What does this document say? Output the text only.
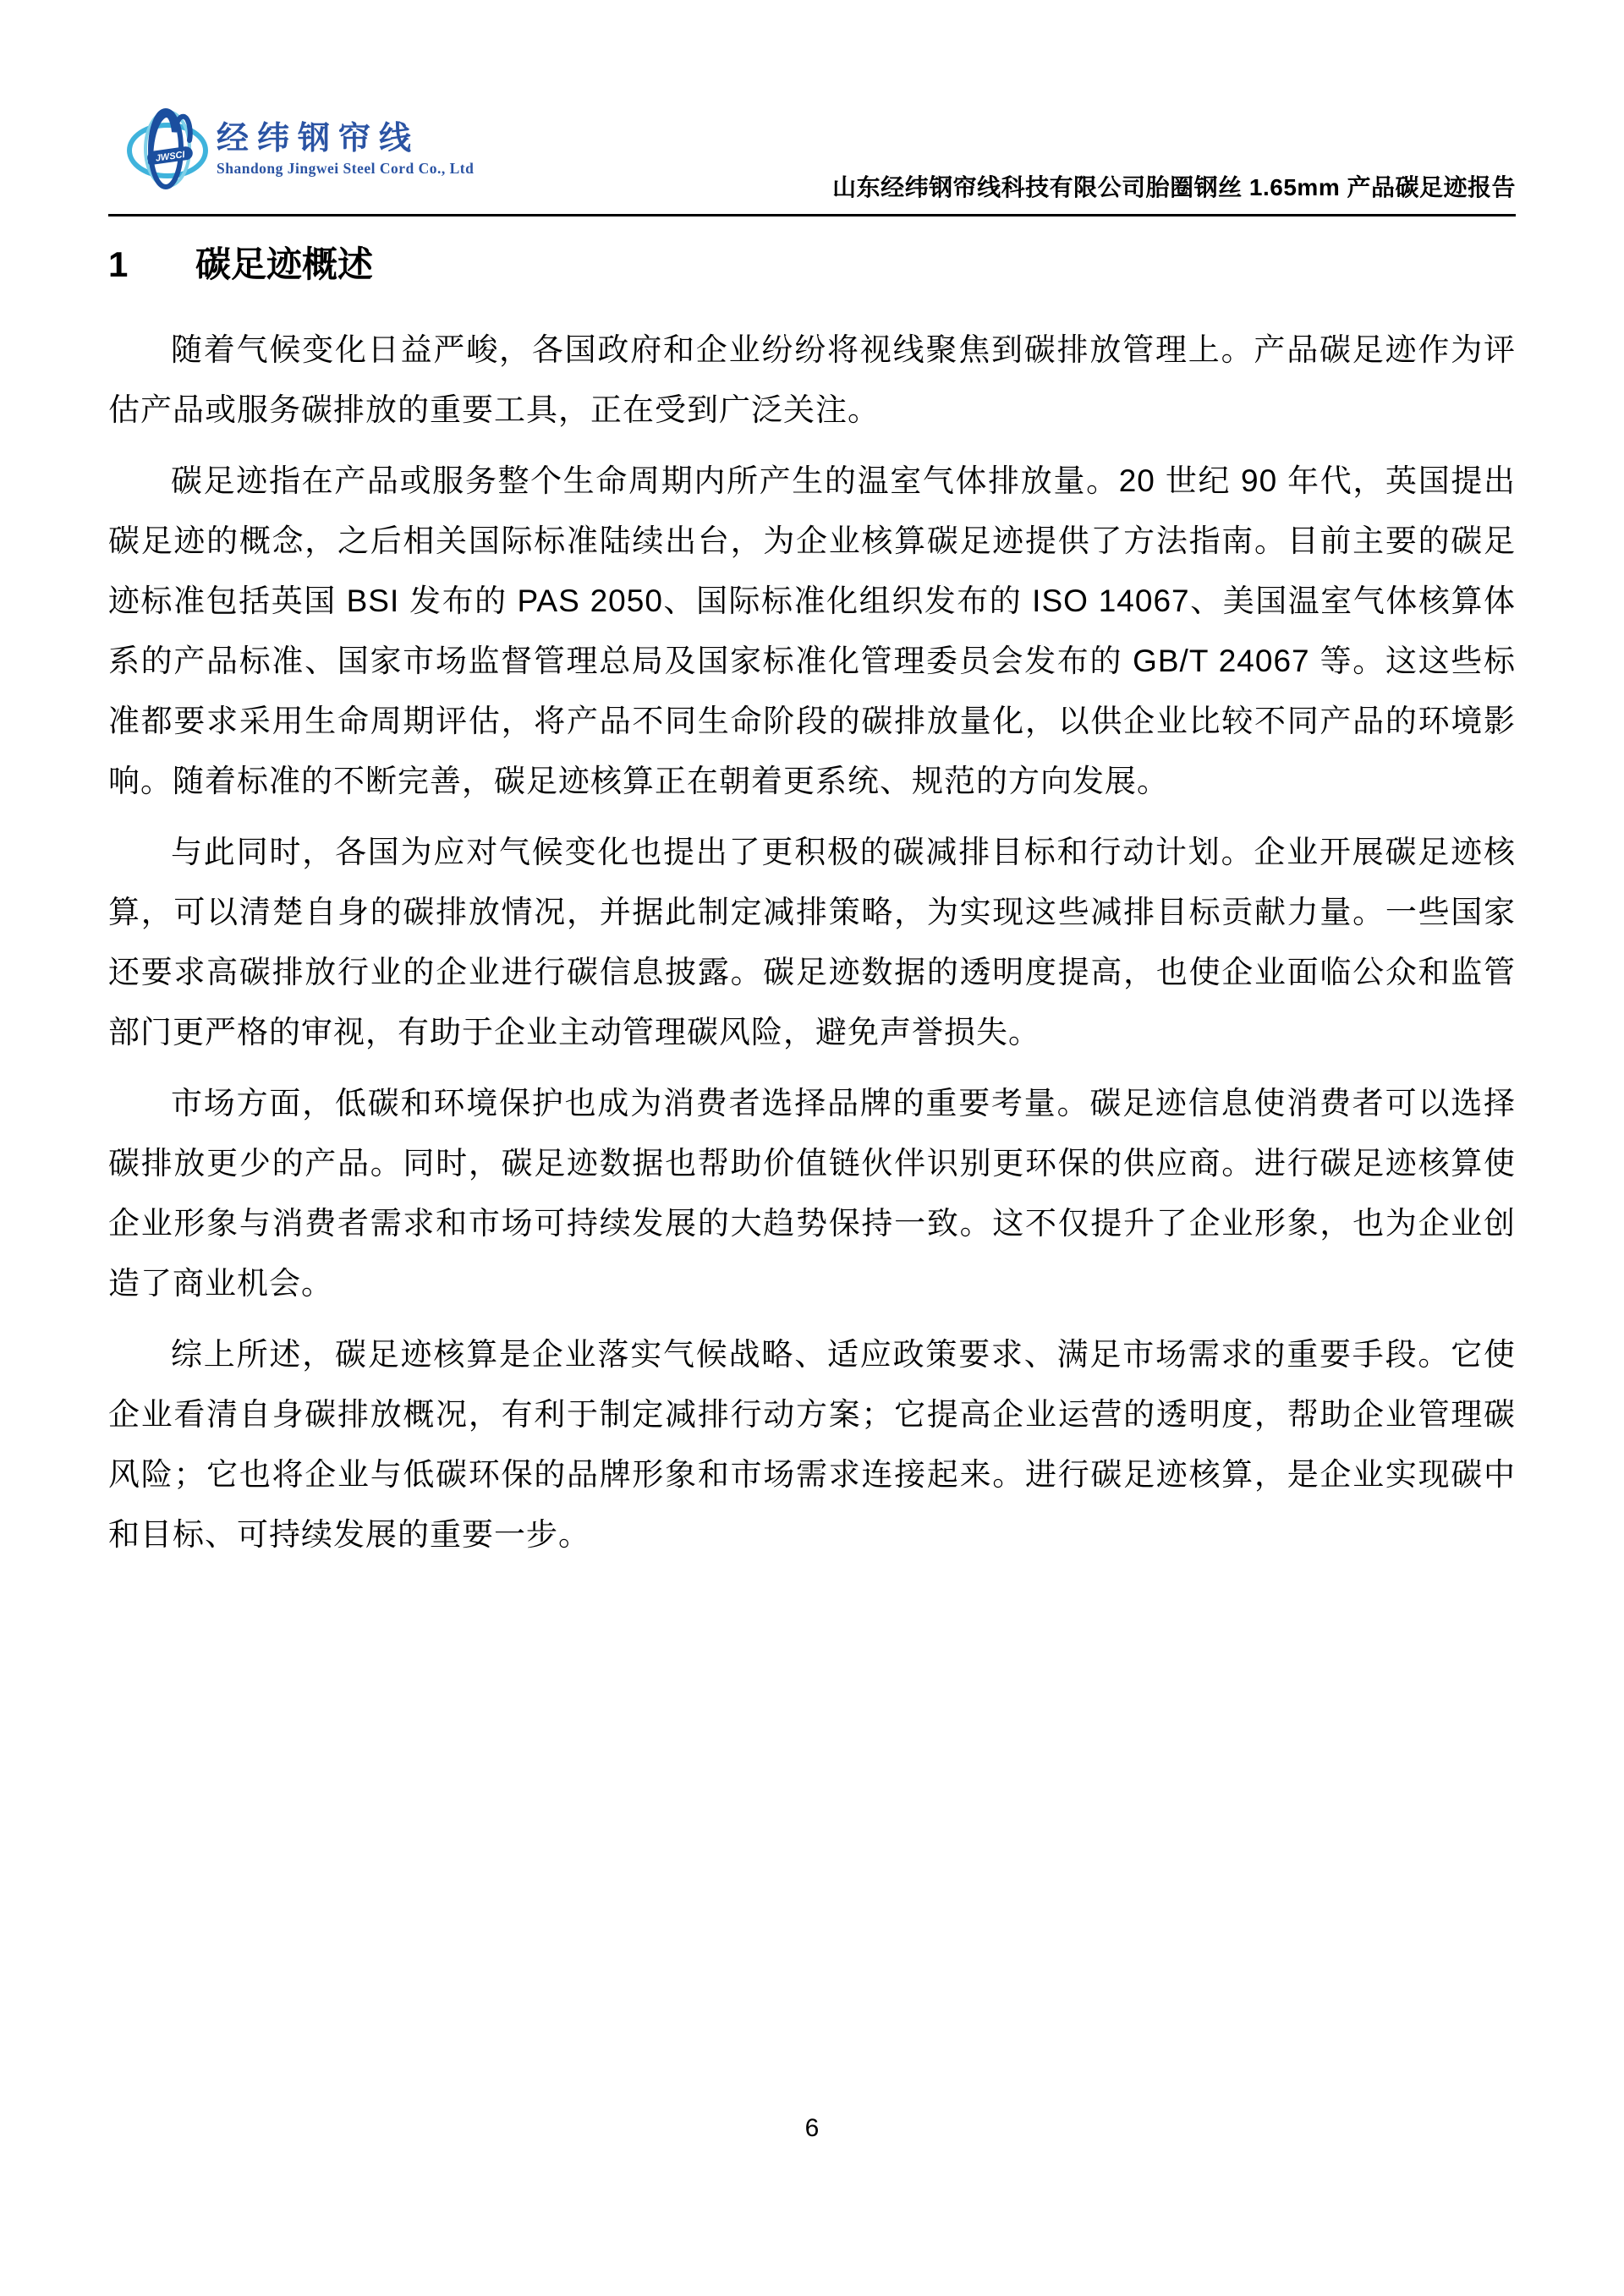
JWSCI
经纬钢帘线
Shandong Jingwei Steel Cord Co., Ltd
山东经纬钢帘线科技有限公司胎圈钢丝 1.65mm 产品碳足迹报告
1 碳足迹概述

随着气候变化日益严峻，各国政府和企业纷纷将视线聚焦到碳排放管理上。产品碳足迹作为评估产品或服务碳排放的重要工具，正在受到广泛关注。

碳足迹指在产品或服务整个生命周期内所产生的温室气体排放量。20 世纪 90 年代，英国提出碳足迹的概念，之后相关国际标准陆续出台，为企业核算碳足迹提供了方法指南。目前主要的碳足迹标准包括英国 BSI 发布的 PAS 2050、国际标准化组织发布的 ISO 14067、美国温室气体核算体系的产品标准、国家市场监督管理总局及国家标准化管理委员会发布的 GB/T 24067 等。这这些标准都要求采用生命周期评估，将产品不同生命阶段的碳排放量化，以供企业比较不同产品的环境影响。随着标准的不断完善，碳足迹核算正在朝着更系统、规范的方向发展。

与此同时，各国为应对气候变化也提出了更积极的碳减排目标和行动计划。企业开展碳足迹核算，可以清楚自身的碳排放情况，并据此制定减排策略，为实现这些减排目标贡献力量。一些国家还要求高碳排放行业的企业进行碳信息披露。碳足迹数据的透明度提高，也使企业面临公众和监管部门更严格的审视，有助于企业主动管理碳风险，避免声誉损失。

市场方面，低碳和环境保护也成为消费者选择品牌的重要考量。碳足迹信息使消费者可以选择碳排放更少的产品。同时，碳足迹数据也帮助价值链伙伴识别更环保的供应商。进行碳足迹核算使企业形象与消费者需求和市场可持续发展的大趋势保持一致。这不仅提升了企业形象，也为企业创造了商业机会。

综上所述，碳足迹核算是企业落实气候战略、适应政策要求、满足市场需求的重要手段。它使企业看清自身碳排放概况，有利于制定减排行动方案；它提高企业运营的透明度，帮助企业管理碳风险；它也将企业与低碳环保的品牌形象和市场需求连接起来。进行碳足迹核算，是企业实现碳中和目标、可持续发展的重要一步。

6
